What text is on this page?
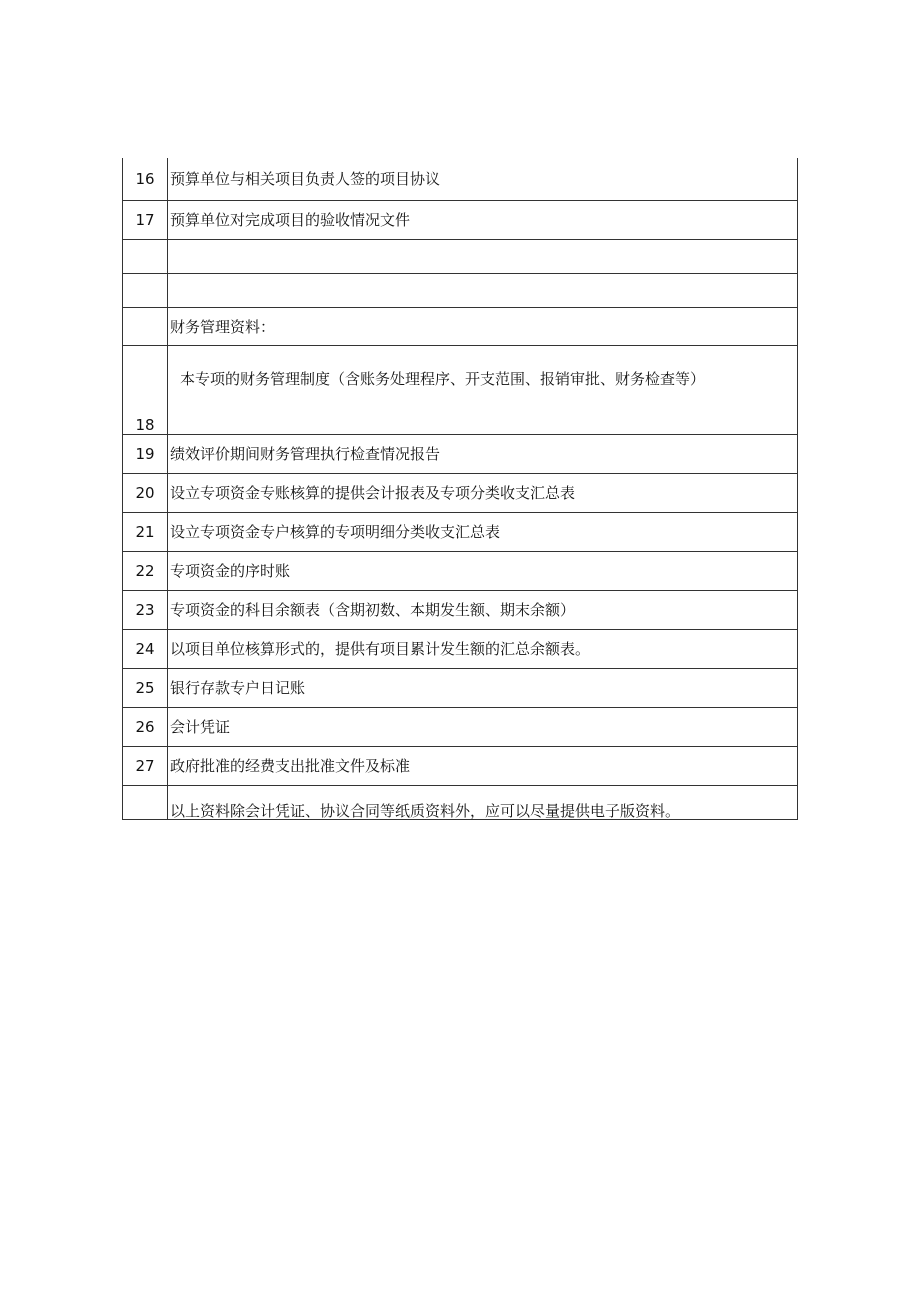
16	预算单位与相关项目负责人签的项目协议
17	预算单位对完成项目的验收情况文件

	财务管理资料：
18	本专项的财务管理制度（含账务处理程序、开支范围、报销审批、财务检查等）
19	绩效评价期间财务管理执行检查情况报告
20	设立专项资金专账核算的提供会计报表及专项分类收支汇总表
21	设立专项资金专户核算的专项明细分类收支汇总表
22	专项资金的序时账
23	专项资金的科目余额表（含期初数、本期发生额、期末余额）
24	以项目单位核算形式的，提供有项目累计发生额的汇总余额表。
25	银行存款专户日记账
26	会计凭证
27	政府批准的经费支出批准文件及标准

以上资料除会计凭证、协议合同等纸质资料外，应可以尽量提供电子版资料。
